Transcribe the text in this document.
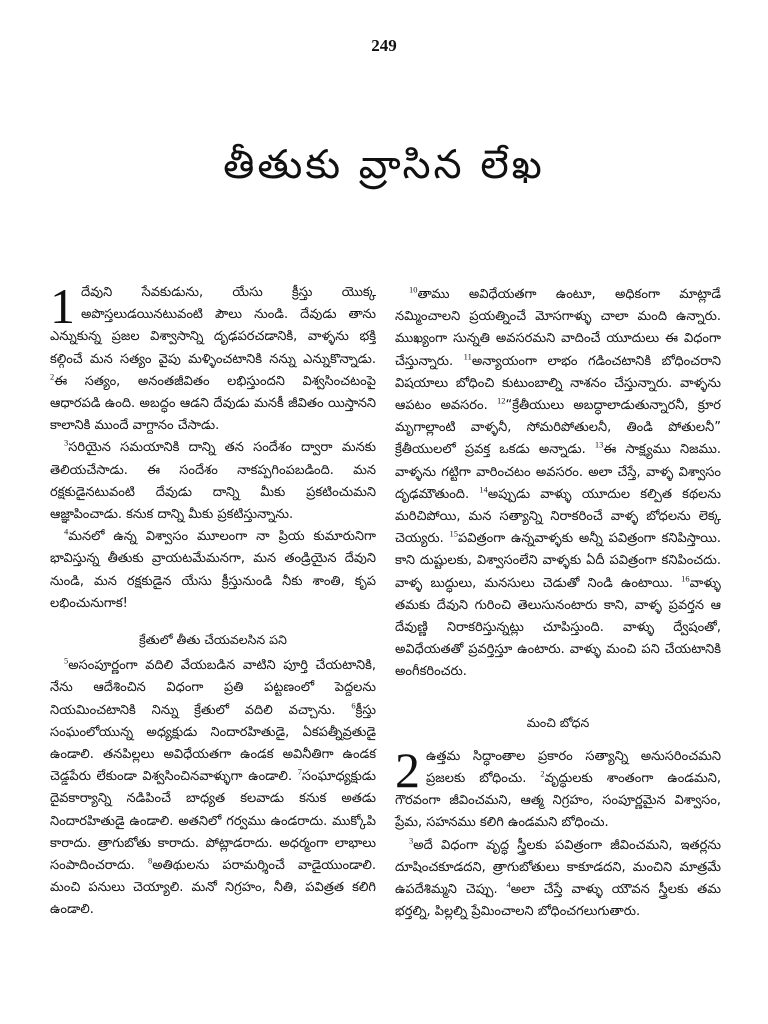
249
తీతుకు వ్రాసిన లేఖ

1 దేవుని సేవకుడును, యేసు క్రీస్తు యొక్క అపొస్తలుడయినటువంటి పౌలు నుండి. దేవుడు తాను ఎన్నుకున్న ప్రజల విశ్వాసాన్ని దృఢపరచడానికి, వాళ్ళను భక్తి కల్గించే మన సత్యం వైపు మళ్ళించటానికి నన్ను ఎన్నుకొన్నాడు. $^2$ఈ సత్యం, అనంతజీవితం లభిస్తుందని విశ్వసించటంపై ఆధారపడి ఉంది. అబద్ధం ఆడని దేవుడు మనకీ జీవితం యిస్తానని కాలానికి ముందే వాగ్దానం చేసాడు.

$^3$సరియైన సమయానికి దాన్ని తన సందేశం ద్వారా మనకు తెలియచేసాడు. ఈ సందేశం నాకప్పగింపబడింది. మన రక్షకుడైనటువంటి దేవుడు దాన్ని మీకు ప్రకటించుమని ఆజ్ఞాపించాడు. కనుక దాన్ని మీకు ప్రకటిస్తున్నాను.

$^4$మనలో ఉన్న విశ్వాసం మూలంగా నా ప్రియ కుమారునిగా భావిస్తున్న తీతుకు వ్రాయటమేమనగా, మన తండ్రియైన దేవుని నుండి, మన రక్షకుడైన యేసు క్రీస్తునుండి నీకు శాంతి, కృప లభించునుగాక!

క్రేతులో తీతు చేయవలసిన పని

$^5$అసంపూర్ణంగా వదిలి వేయబడిన వాటిని పూర్తి చేయటానికి, నేను ఆదేశించిన విధంగా ప్రతి పట్టణంలో పెద్దలను నియమించటానికి నిన్ను క్రేతులో వదిలి వచ్చాను. $^6$క్రీస్తు సంఘంలోయున్న అధ్యక్షుడు నిందారహితుడై, ఏకపత్నీవ్రతుడై ఉండాలి. తనపిల్లలు అవిధేయతగా ఉండక అవినీతిగా ఉండక చెడ్డపేరు లేకుండా విశ్వసించినవాళ్ళుగా ఉండాలి. $^7$సంఘాధ్యక్షుడు దైవకార్యాన్ని నడిపించే బాధ్యత కలవాడు కనుక అతడు నిందారహితుడై ఉండాలి. అతనిలో గర్వము ఉండరాదు. ముక్కోపి కారాదు. త్రాగుబోతు కారాదు. పోట్లాడరాదు. అధర్మంగా లాభాలు సంపాదించరాదు. $^8$అతిథులను పరామర్శించే వాడైయుండాలి. మంచి పనులు చెయ్యాలి. మనో నిగ్రహం, నీతి, పవిత్రత కలిగి ఉండాలి.

$^{10}$తాము అవిధేయతగా ఉంటూ, అధికంగా మాట్లాడే నమ్మించాలని ప్రయత్నించే మోసగాళ్ళు చాలా మంది ఉన్నారు. ముఖ్యంగా సున్నతి అవసరమని వాదించే యూదులు ఈ విధంగా చేస్తున్నారు. $^{11}$అన్యాయంగా లాభం గడించటానికి బోధించరాని విషయాలు బోధించి కుటుంబాల్ని నాశనం చేస్తున్నారు. వాళ్ళను ఆపటం అవసరం. $^{12}$“క్రేతీయులు అబద్ధాలాడుతున్నారనీ, క్రూర మృగాల్లాంటి వాళ్ళనీ, సోమరిపోతులనీ, తిండి పోతులనీ” క్రేతీయులలో ప్రవక్త ఒకడు అన్నాడు. $^{13}$ఈ సాక్ష్యము నిజము. వాళ్ళను గట్టిగా వారించటం అవసరం. అలా చేస్తే, వాళ్ళ విశ్వాసం దృఢమౌతుంది. $^{14}$అప్పుడు వాళ్ళు యూదుల కల్పిత కథలను మరిచిపోయి, మన సత్యాన్ని నిరాకరించే వాళ్ళ బోధలను లెక్క చెయ్యరు. $^{15}$పవిత్రంగా ఉన్నవాళ్ళకు అన్నీ పవిత్రంగా కనిపిస్తాయి. కాని దుష్టులకు, విశ్వాసంలేని వాళ్ళకు ఏదీ పవిత్రంగా కనిపించదు. వాళ్ళ బుద్ధులు, మనసులు చెడుతో నిండి ఉంటాయి. $^{16}$వాళ్ళు తమకు దేవుని గురించి తెలుసునంటారు కాని, వాళ్ళ ప్రవర్తన ఆ దేవుణ్ణి నిరాకరిస్తున్నట్లు చూపిస్తుంది. వాళ్ళు ద్వేషంతో, అవిధేయతతో ప్రవర్తిస్తూ ఉంటారు. వాళ్ళు మంచి పని చేయటానికి అంగీకరించరు.

మంచి బోధన

2 ఉత్తమ సిద్ధాంతాల ప్రకారం సత్యాన్ని అనుసరించమని ప్రజలకు బోధించు. $^2$వృద్ధులకు శాంతంగా ఉండమని, గౌరవంగా జీవించమని, ఆత్మ నిగ్రహం, సంపూర్ణమైన విశ్వాసం, ప్రేమ, సహనము కలిగి ఉండమని బోధించు.

$^3$అదే విధంగా వృద్ధ స్త్రీలకు పవిత్రంగా జీవించమని, ఇతర్లను దూషించకూడదని, త్రాగుబోతులు కాకూడదని, మంచిని మాత్రమే ఉపదేశిమ్మని చెప్పు. $^4$అలా చేస్తే వాళ్ళు యౌవన స్త్రీలకు తమ భర్తల్ని, పిల్లల్ని ప్రేమించాలని బోధించగలుగుతారు.
